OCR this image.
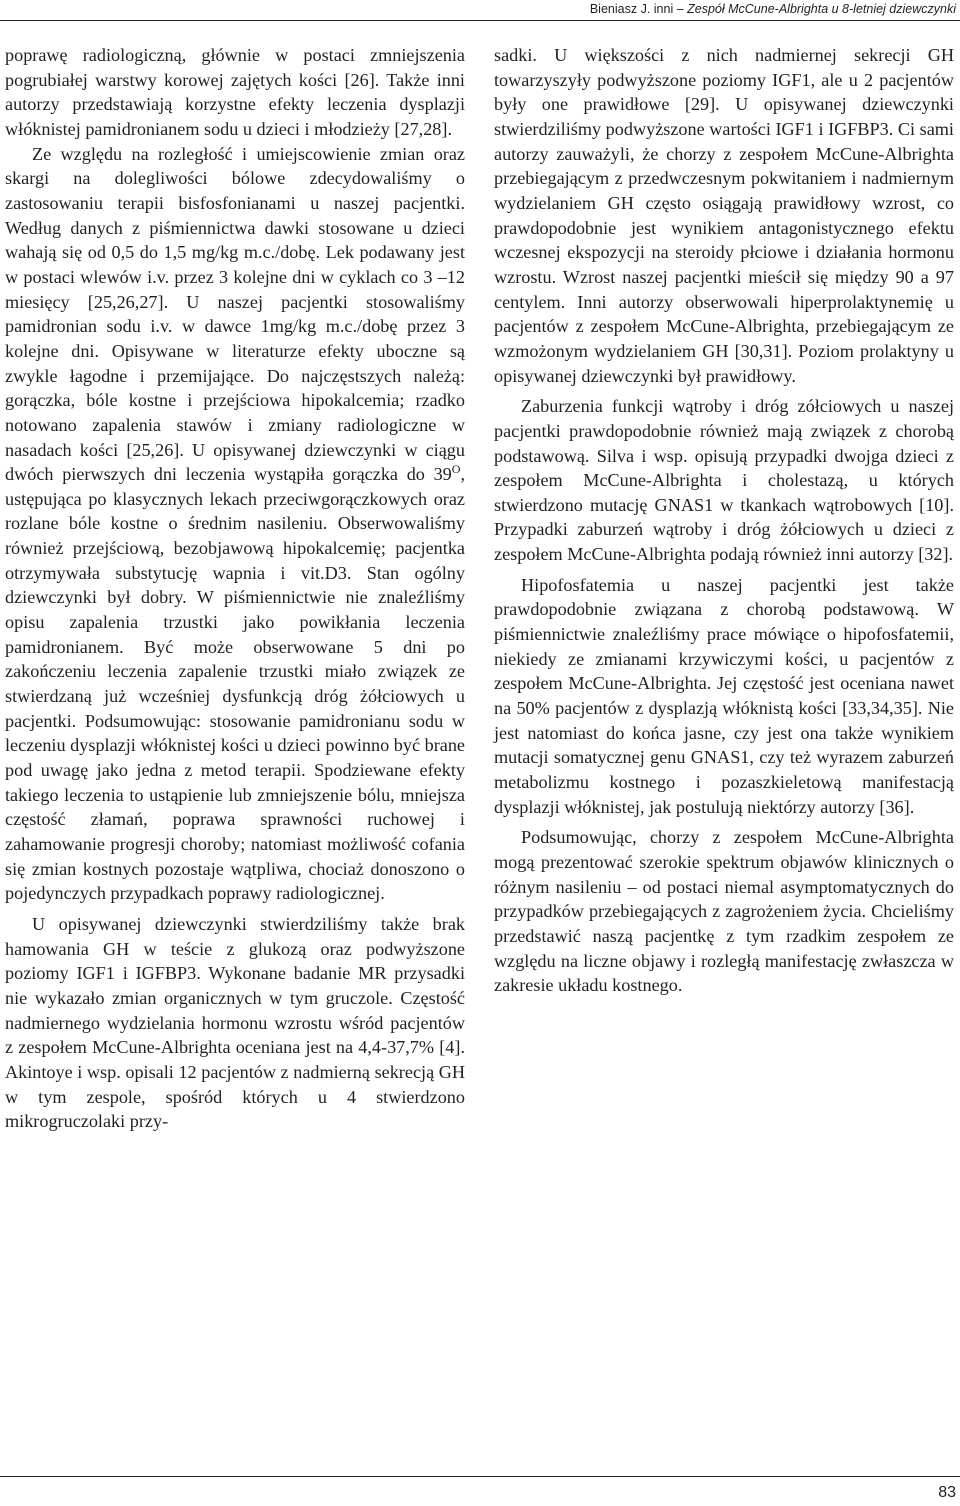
Bieniasz J. inni – Zespół McCune-Albrighta u 8-letniej dziewczynki

poprawę radiologiczną, głównie w postaci zmniejszenia pogrubiałej warstwy korowej zajętych kości [26]. Także inni autorzy przedstawiają korzystne efekty leczenia dysplazji włóknistej pamidronianem sodu u dzieci i młodzieży [27,28].

Ze względu na rozległość i umiejscowienie zmian oraz skargi na dolegliwości bólowe zdecydowaliśmy o zastosowaniu terapii bisfosfonianami u naszej pacjentki. Według danych z piśmiennictwa dawki stosowane u dzieci wahają się od 0,5 do 1,5 mg/kg m.c./dobę. Lek podawany jest w postaci wlewów i.v. przez 3 kolejne dni w cyklach co 3 –12 miesięcy [25,26,27]. U naszej pacjentki stosowaliśmy pamidronian sodu i.v. w dawce 1mg/kg m.c./dobę przez 3 kolejne dni. Opisywane w literaturze efekty uboczne są zwykle łagodne i przemijające. Do najczęstszych należą: gorączka, bóle kostne i przejściowa hipokalcemia; rzadko notowano zapalenia stawów i zmiany radiologiczne w nasadach kości [25,26]. U opisywanej dziewczynki w ciągu dwóch pierwszych dni leczenia wystąpiła gorączka do $39^O$, ustępująca po klasycznych lekach przeciwgorączkowych oraz rozlane bóle kostne o średnim nasileniu. Obserwowaliśmy również przejściową, bezobjawową hipokalcemię; pacjentka otrzymywała substytucję wapnia i vit.D3. Stan ogólny dziewczynki był dobry. W piśmiennictwie nie znaleźliśmy opisu zapalenia trzustki jako powikłania leczenia pamidronianem. Być może obserwowane 5 dni po zakończeniu leczenia zapalenie trzustki miało związek ze stwierdzaną już wcześniej dysfunkcją dróg żółciowych u pacjentki. Podsumowując: stosowanie pamidronianu sodu w leczeniu dysplazji włóknistej kości u dzieci powinno być brane pod uwagę jako jedna z metod terapii. Spodziewane efekty takiego leczenia to ustąpienie lub zmniejszenie bólu, mniejsza częstość złamań, poprawa sprawności ruchowej i zahamowanie progresji choroby; natomiast możliwość cofania się zmian kostnych pozostaje wątpliwa, chociaż donoszono o pojedynczych przypadkach poprawy radiologicznej.

U opisywanej dziewczynki stwierdziliśmy także brak hamowania GH w teście z glukozą oraz podwyższone poziomy IGF1 i IGFBP3. Wykonane badanie MR przysadki nie wykazało zmian organicznych w tym gruczole. Częstość nadmiernego wydzielania hormonu wzrostu wśród pacjentów z zespołem McCune-Albrighta oceniana jest na 4,4-37,7% [4]. Akintoye i wsp. opisali 12 pacjentów z nadmierną sekrecją GH w tym zespole, spośród których u 4 stwierdzono mikrogruczolaki przy-

sadki. U większości z nich nadmiernej sekrecji GH towarzyszyły podwyższone poziomy IGF1, ale u 2 pacjentów były one prawidłowe [29]. U opisywanej dziewczynki stwierdziliśmy podwyższone wartości IGF1 i IGFBP3. Ci sami autorzy zauważyli, że chorzy z zespołem McCune-Albrighta przebiegającym z przedwczesnym pokwitaniem i nadmiernym wydzielaniem GH często osiągają prawidłowy wzrost, co prawdopodobnie jest wynikiem antagonistycznego efektu wczesnej ekspozycji na steroidy płciowe i działania hormonu wzrostu. Wzrost naszej pacjentki mieścił się między 90 a 97 centylem. Inni autorzy obserwowali hiperprolaktynemię u pacjentów z zespołem McCune-Albrighta, przebiegającym ze wzmożonym wydzielaniem GH [30,31]. Poziom prolaktyny u opisywanej dziewczynki był prawidłowy.

Zaburzenia funkcji wątroby i dróg zółciowych u naszej pacjentki prawdopodobnie również mają związek z chorobą podstawową. Silva i wsp. opisują przypadki dwojga dzieci z zespołem McCune-Albrighta i cholestazą, u których stwierdzono mutację GNAS1 w tkankach wątrobowych [10]. Przypadki zaburzeń wątroby i dróg żółciowych u dzieci z zespołem McCune-Albrighta podają również inni autorzy [32].

Hipofosfatemia u naszej pacjentki jest także prawdopodobnie związana z chorobą podstawową. W piśmiennictwie znaleźliśmy prace mówiące o hipofosfatemii, niekiedy ze zmianami krzywiczymi kości, u pacjentów z zespołem McCune-Albrighta. Jej częstość jest oceniana nawet na 50% pacjentów z dysplazją włóknistą kości [33,34,35]. Nie jest natomiast do końca jasne, czy jest ona także wynikiem mutacji somatycznej genu GNAS1, czy też wyrazem zaburzeń metabolizmu kostnego i pozaszkieletową manifestacją dysplazji włóknistej, jak postulują niektórzy autorzy [36].

Podsumowując, chorzy z zespołem McCune-Albrighta mogą prezentować szerokie spektrum objawów klinicznych o różnym nasileniu – od postaci niemal asymptomatycznych do przypadków przebiegających z zagrożeniem życia. Chcieliśmy przedstawić naszą pacjentkę z tym rzadkim zespołem ze względu na liczne objawy i rozległą manifestację zwłaszcza w zakresie układu kostnego.

83
